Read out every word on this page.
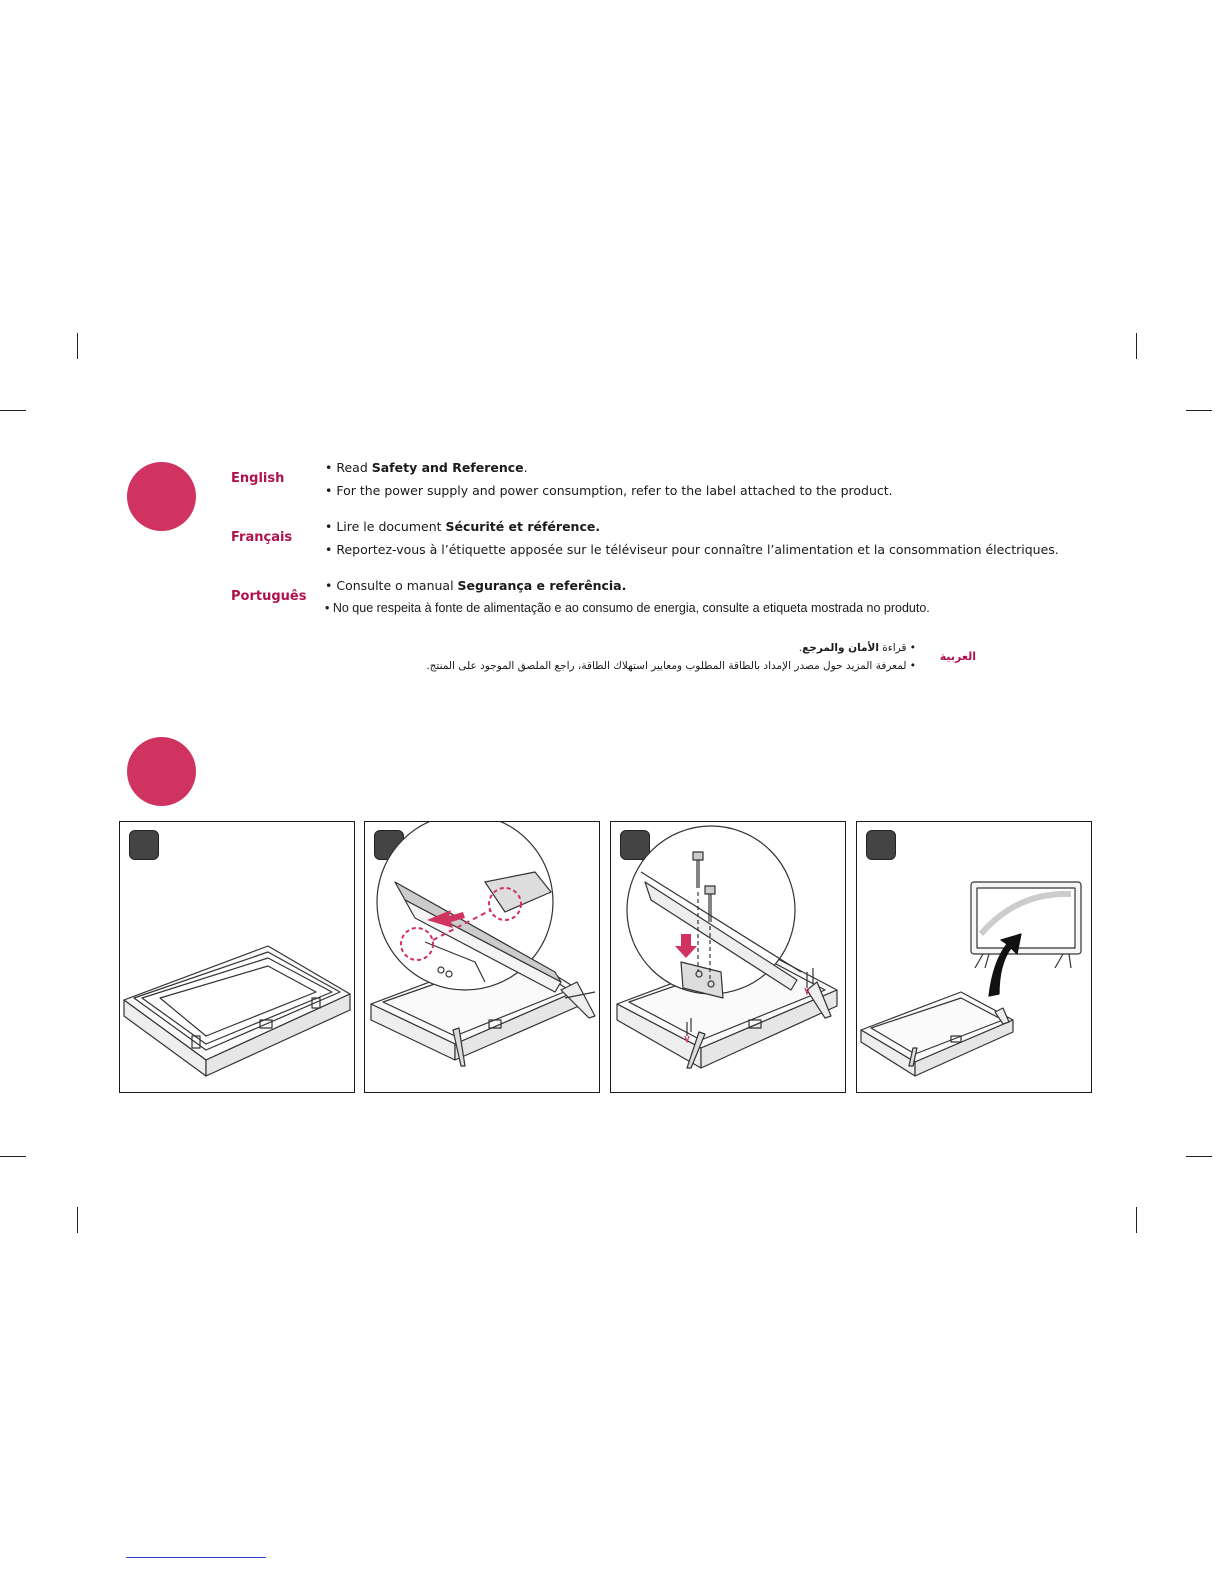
English
• Read Safety and Reference.
• For the power supply and power consumption, refer to the label attached to the product.
Français
• Lire le document Sécurité et référence.
• Reportez-vous à l’étiquette apposée sur le téléviseur pour connaître l’alimentation et la consommation électriques.
Português
• Consulte o manual Segurança e referência.
• No que respeita à fonte de alimentação e ao consumo de energia, consulte a etiqueta mostrada no produto.
العربية
• قراءة الأمان والمرجع.
• لمعرفة المزيد حول مصدر الإمداد بالطاقة المطلوب ومعايير استهلاك الطاقة، راجع الملصق الموجود على المنتج.
